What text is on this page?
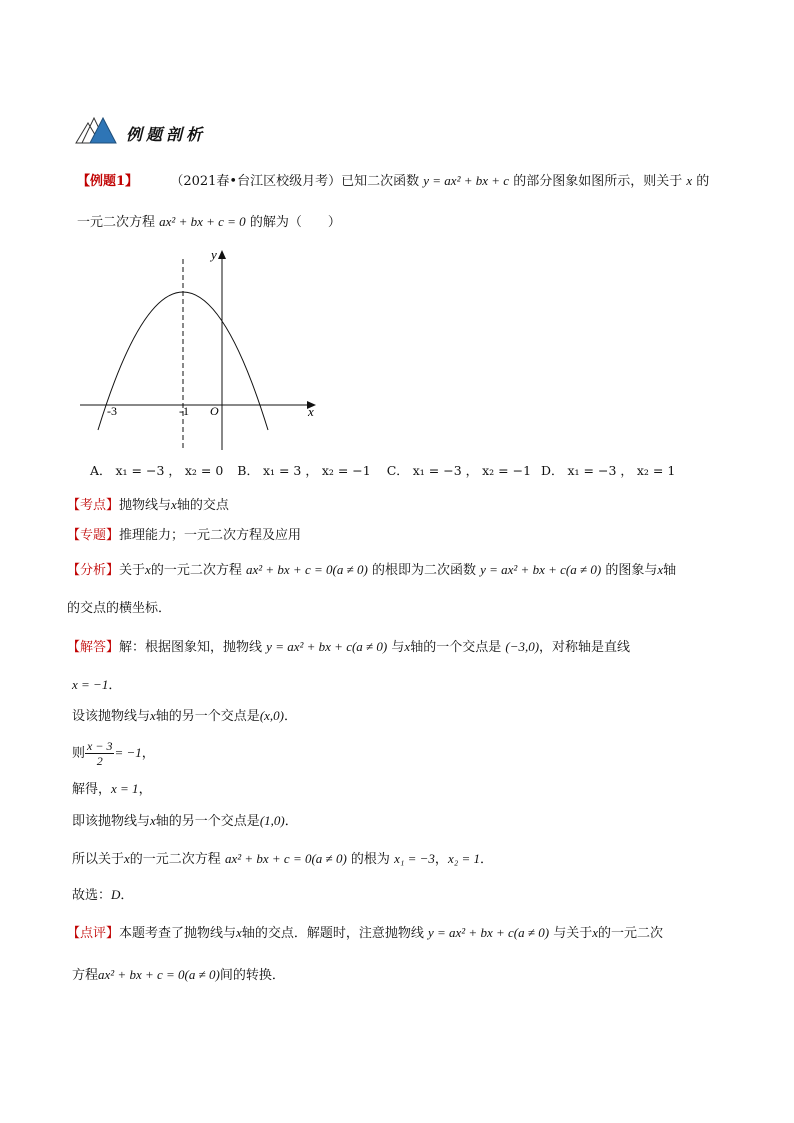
例题剖析
【例题1】 （2021春•台江区校级月考）已知二次函数 y = ax² + bx + c 的部分图象如图所示，则关于 x 的
一元二次方程 ax² + bx + c = 0 的解为（　　）
y
x
O
-3	-1
A． x₁ = −3 ， x₂ = 0 B． x₁ = 3 ， x₂ = −1 C． x₁ = −3 ， x₂ = −1 D． x₁ = −3 ， x₂ = 1
【考点】抛物线与x轴的交点
【专题】推理能力；一元二次方程及应用
【分析】关于x的一元二次方程 ax² + bx + c = 0(a ≠ 0) 的根即为二次函数 y = ax² + bx + c(a ≠ 0) 的图象与x轴
的交点的横坐标．
【解答】解：根据图象知，抛物线 y = ax² + bx + c(a ≠ 0) 与x轴的一个交点是 (−3,0)，对称轴是直线
x = −1．
设该抛物线与x轴的另一个交点是(x,0)．
则 $\frac{x - 3}{2} = -1$，
解得，x = 1，
即该抛物线与x轴的另一个交点是(1,0)．
所以关于x的一元二次方程 ax² + bx + c = 0(a ≠ 0) 的根为 x₁ = −3，x₂ = 1．
故选：D．
【点评】本题考查了抛物线与x轴的交点．解题时，注意抛物线 y = ax² + bx + c(a ≠ 0) 与关于x的一元二次
方程ax² + bx + c = 0(a ≠ 0)间的转换．
